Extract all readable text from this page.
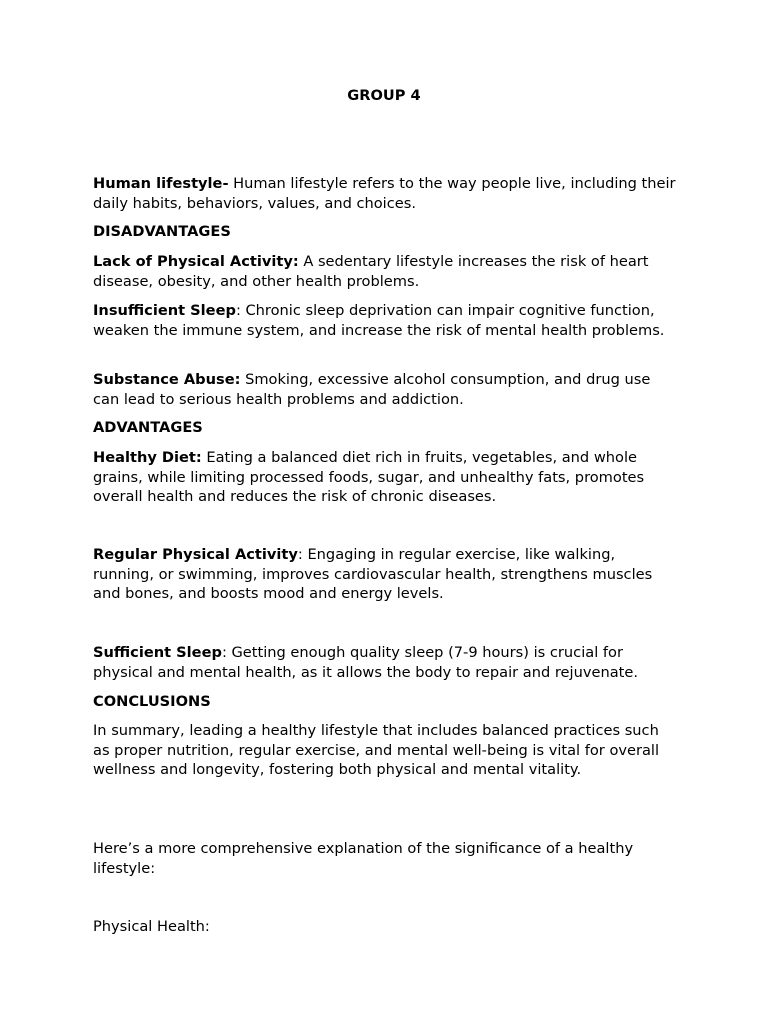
GROUP 4

Human lifestyle- Human lifestyle refers to the way people live, including their daily habits, behaviors, values, and choices.

DISADVANTAGES

Lack of Physical Activity: A sedentary lifestyle increases the risk of heart disease, obesity, and other health problems.

Insufficient Sleep: Chronic sleep deprivation can impair cognitive function, weaken the immune system, and increase the risk of mental health problems.

Substance Abuse: Smoking, excessive alcohol consumption, and drug use can lead to serious health problems and addiction.

ADVANTAGES

Healthy Diet: Eating a balanced diet rich in fruits, vegetables, and whole grains, while limiting processed foods, sugar, and unhealthy fats, promotes overall health and reduces the risk of chronic diseases.

Regular Physical Activity: Engaging in regular exercise, like walking, running, or swimming, improves cardiovascular health, strengthens muscles and bones, and boosts mood and energy levels.

Sufficient Sleep: Getting enough quality sleep (7-9 hours) is crucial for physical and mental health, as it allows the body to repair and rejuvenate.

CONCLUSIONS

In summary, leading a healthy lifestyle that includes balanced practices such as proper nutrition, regular exercise, and mental well-being is vital for overall wellness and longevity, fostering both physical and mental vitality.

Here’s a more comprehensive explanation of the significance of a healthy lifestyle:

Physical Health:
